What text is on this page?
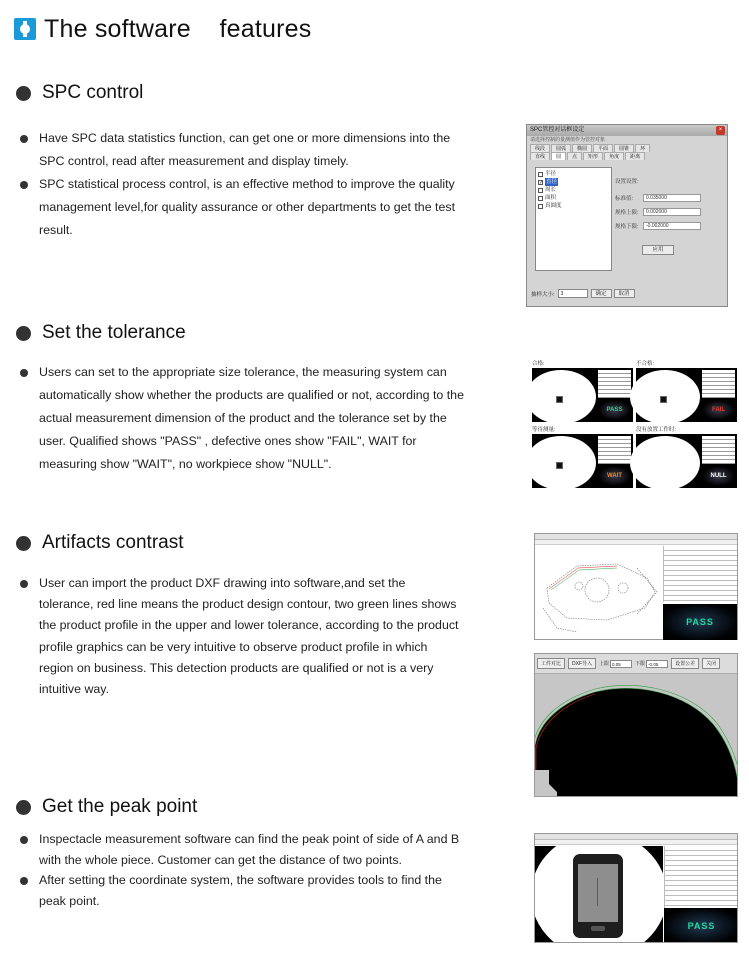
The software    features
SPC control
Have SPC data statistics function, can get one or more dimensions into the SPC control, read after measurement and display timely.
SPC statistical process control, is an effective method to improve the quality management level,for quality assurance or other departments to get the test result.
SPC管控对话框设定	×
请选择控制的量测值作为管控对象
线段	圆弧	椭圆	平面	圆锥	环
直线	圆	点	矩形	角度	距离
半径
✓ 直径
周长
面积
真圆度
设置设置:
标准值:	0.035000
规格上限:	0.002000
规格下限:	-0.002000
应用
抽样大小:	3	确定	取消
Set the tolerance
Users can set to the appropriate size tolerance, the measuring system can automatically show whether the products are qualified or not, according to the actual measurement dimension of the product and the tolerance set by the user. Qualified shows "PASS" , defective ones show "FAIL", WAIT for measuring show "WAIT", no workpiece show "NULL".
合格:
PASS
不合格:
FAIL
等待测量:
WAIT
没有放置工件时:
NULL
Artifacts contrast
User can import the product DXF drawing into software,and set the tolerance, red line means the product design contour, two green lines shows the product profile in the upper and lower tolerance, according to the product profile graphics can be very intuitive to observe product profile in which region on business. This detection products are qualified or not is a very intuitive way.
PASS
工件对比	DXF导入	上限 0.05	下限 -0.05	设置公差	关闭
Get the peak point
Inspectacle measurement software can find the peak point of side of A and B with the whole piece. Customer can get the distance of two points.
After setting the coordinate system, the software provides tools to find the peak point.
PASS
